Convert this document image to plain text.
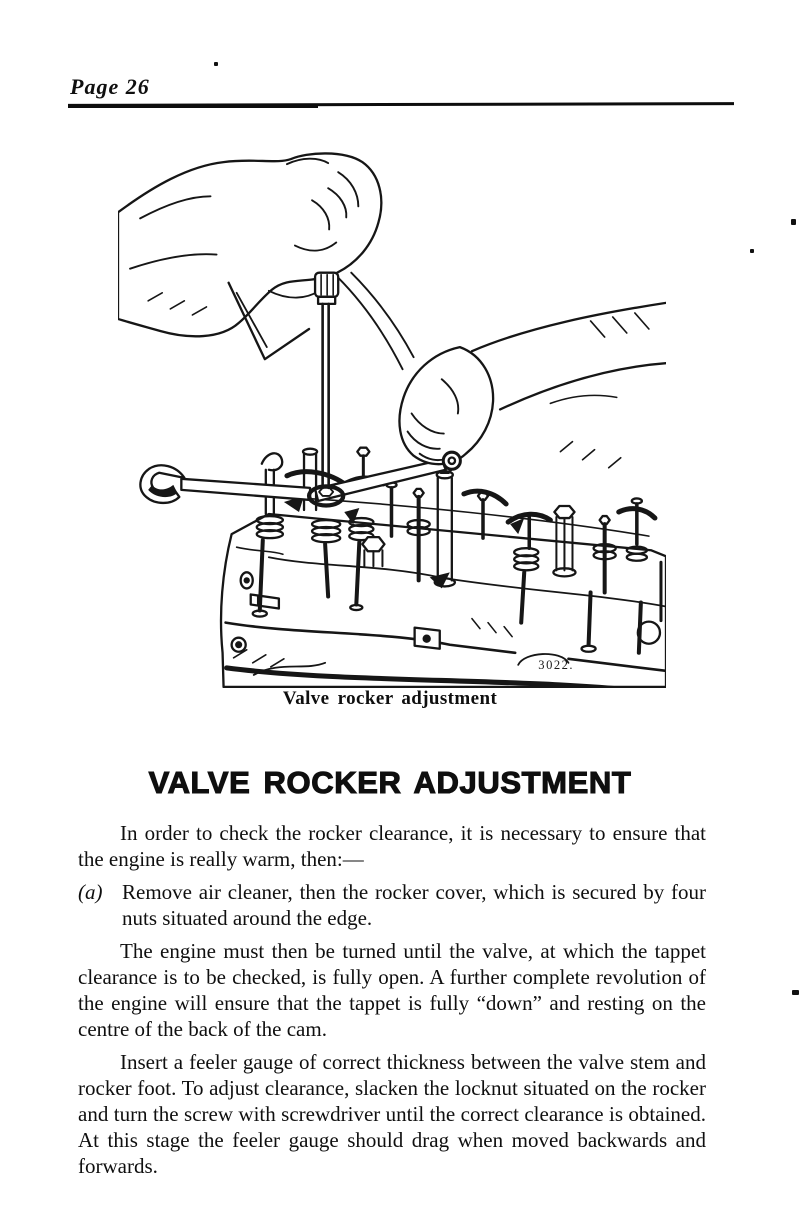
Page 26
3022.
Valve rocker adjustment
VALVE ROCKER ADJUSTMENT

In order to check the rocker clearance, it is necessary to ensure that the engine is really warm, then:—

(a) Remove air cleaner, then the rocker cover, which is secured by four nuts situated around the edge.

The engine must then be turned until the valve, at which the tappet clearance is to be checked, is fully open. A further complete revolution of the engine will ensure that the tappet is fully “down” and resting on the centre of the back of the cam.

Insert a feeler gauge of correct thickness between the valve stem and rocker foot. To adjust clearance, slacken the locknut situated on the rocker and turn the screw with screwdriver until the correct clearance is obtained. At this stage the feeler gauge should drag when moved backwards and forwards.
